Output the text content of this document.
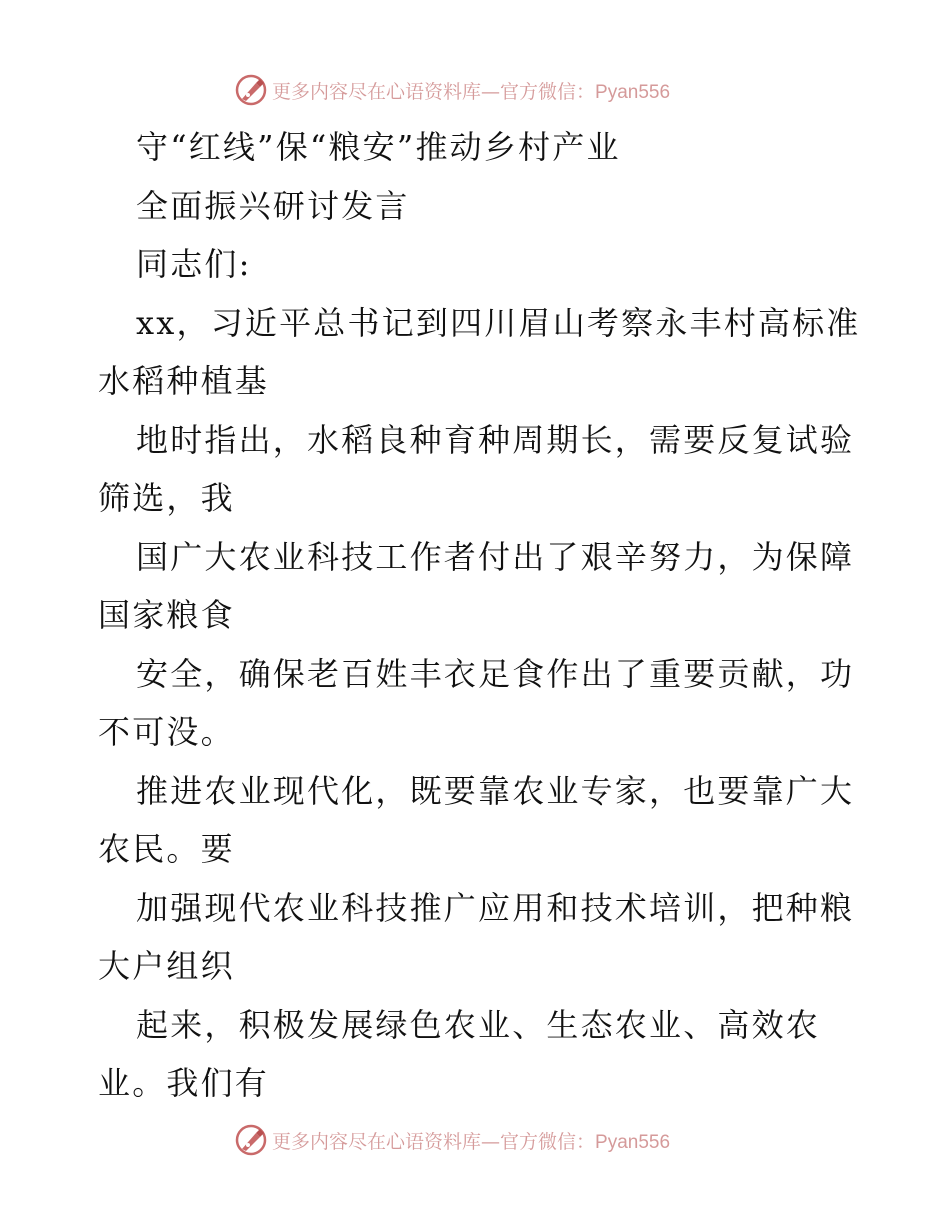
更多内容尽在心语资料库—官方微信：Pyan556
守“红线”保“粮安”推动乡村产业
全面振兴研讨发言
同志们:
xx，习近平总书记到四川眉山考察永丰村高标准
水稻种植基
地时指出，水稻良种育种周期长，需要反复试验
筛选，我
国广大农业科技工作者付出了艰辛努力，为保障
国家粮食
安全，确保老百姓丰衣足食作出了重要贡献，功
不可没。
推进农业现代化，既要靠农业专家，也要靠广大
农民。要
加强现代农业科技推广应用和技术培训，把种粮
大户组织
起来，积极发展绿色农业、生态农业、高效农
业。我们有
更多内容尽在心语资料库—官方微信：Pyan556
